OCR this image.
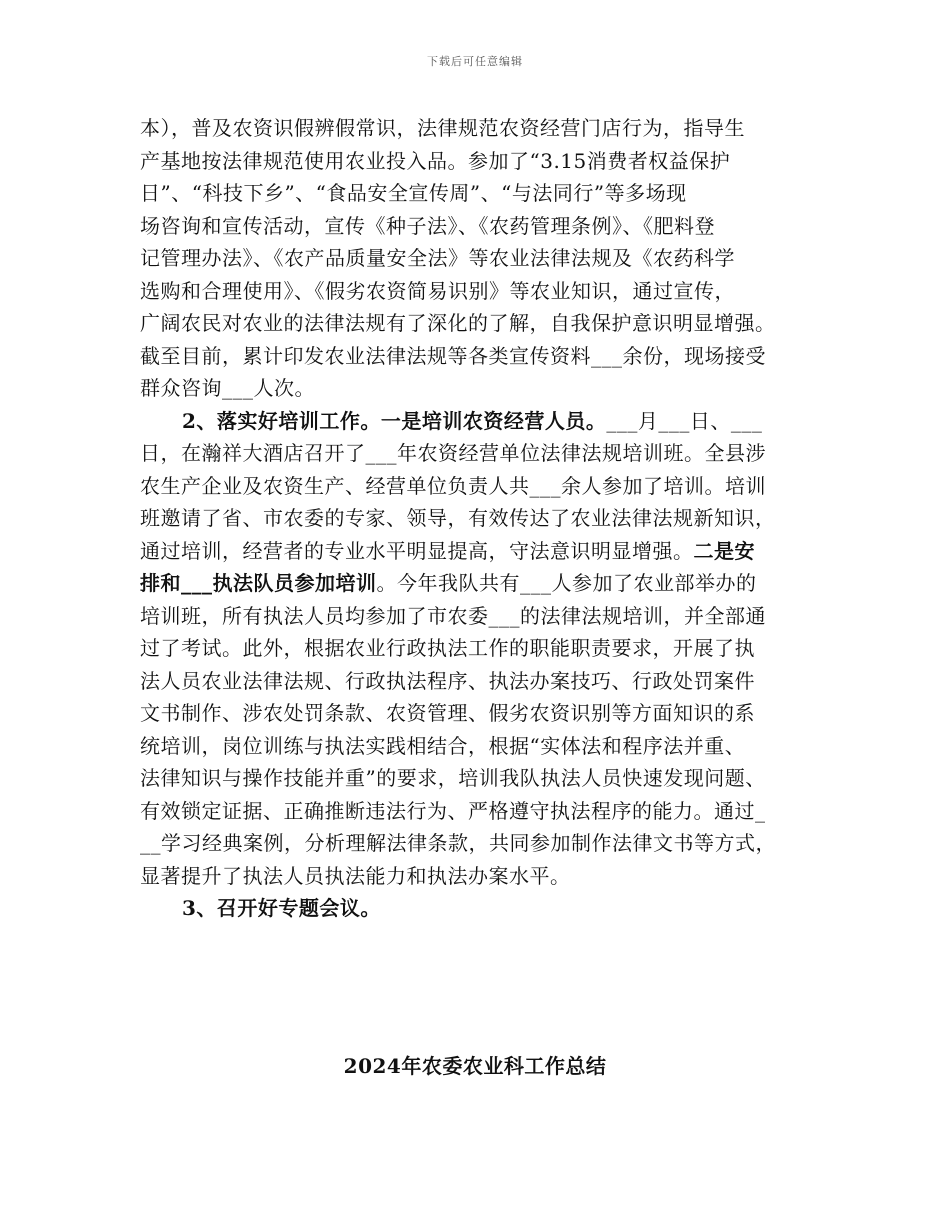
下载后可任意编辑
本），普及农资识假辨假常识，法律规范农资经营门店行为，指导生
产基地按法律规范使用农业投入品。参加了“3.15消费者权益保护
日”、“科技下乡”、“食品安全宣传周”、“与法同行”等多场现
场咨询和宣传活动，宣传《种子法》、《农药管理条例》、《肥料登
记管理办法》、《农产品质量安全法》等农业法律法规及《农药科学
选购和合理使用》、《假劣农资简易识别》等农业知识，通过宣传，
广阔农民对农业的法律法规有了深化的了解，自我保护意识明显增强。
截至目前，累计印发农业法律法规等各类宣传资料___余份，现场接受
群众咨询___人次。
2、落实好培训工作。一是培训农资经营人员。___月___日、___
日，在瀚祥大酒店召开了___年农资经营单位法律法规培训班。全县涉
农生产企业及农资生产、经营单位负责人共___余人参加了培训。培训
班邀请了省、市农委的专家、领导，有效传达了农业法律法规新知识，
通过培训，经营者的专业水平明显提高，守法意识明显增强。二是安
排和___执法队员参加培训。今年我队共有___人参加了农业部举办的
培训班，所有执法人员均参加了市农委___的法律法规培训，并全部通
过了考试。此外，根据农业行政执法工作的职能职责要求，开展了执
法人员农业法律法规、行政执法程序、执法办案技巧、行政处罚案件
文书制作、涉农处罚条款、农资管理、假劣农资识别等方面知识的系
统培训，岗位训练与执法实践相结合，根据“实体法和程序法并重、
法律知识与操作技能并重”的要求，培训我队执法人员快速发现问题、
有效锁定证据、正确推断违法行为、严格遵守执法程序的能力。通过_
__学习经典案例，分析理解法律条款，共同参加制作法律文书等方式，
显著提升了执法人员执法能力和执法办案水平。
3、召开好专题会议。
2024年农委农业科工作总结
